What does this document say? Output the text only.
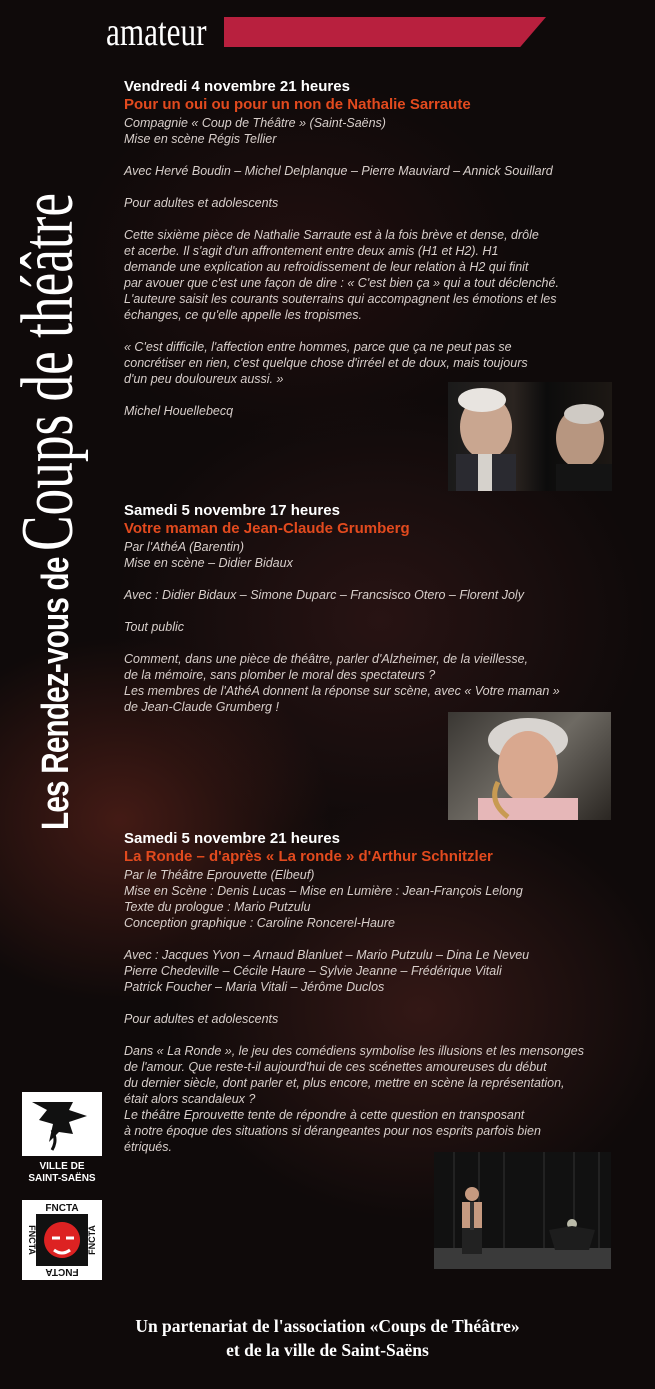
Les Rendez-vous de
Coups de théâtre
amateur
Vendredi 4 novembre 21 heures
Pour un oui ou pour un non de Nathalie Sarraute
Compagnie « Coup de Théâtre » (Saint-Saëns)
Mise en scène Régis Tellier
Avec Hervé Boudin – Michel Delplanque – Pierre Mauviard – Annick Souillard
Pour adultes et adolescents
Cette sixième pièce de Nathalie Sarraute est à la fois brève et dense, drôle
et acerbe. Il s'agit d'un affrontement entre deux amis (H1 et H2). H1
demande une explication au refroidissement de leur relation à H2 qui finit
par avouer que c'est une façon de dire : « C'est bien ça » qui a tout déclenché.
L'auteure saisit les courants souterrains qui accompagnent les émotions et les
échanges, ce qu'elle appelle les tropismes.
« C'est difficile, l'affection entre hommes, parce que ça ne peut pas se
concrétiser en rien, c'est quelque chose d'irréel et de doux, mais toujours
d'un peu douloureux aussi. »
Michel Houellebecq
Samedi 5 novembre 17 heures
Votre maman de Jean-Claude Grumberg
Par l'AthéA (Barentin)
Mise en scène – Didier Bidaux
Avec : Didier Bidaux – Simone Duparc – Francsisco Otero – Florent Joly
Tout public
Comment, dans une pièce de théâtre, parler d'Alzheimer, de la vieillesse,
de la mémoire, sans plomber le moral des spectateurs ?
Les membres de l'AthéA donnent la réponse sur scène, avec « Votre maman »
de Jean-Claude Grumberg !
Samedi 5 novembre 21 heures
La Ronde – d'après « La ronde » d'Arthur Schnitzler
Par le Théâtre Eprouvette (Elbeuf)
Mise en Scène : Denis Lucas – Mise en Lumière : Jean-François Lelong
Texte du prologue : Mario Putzulu
Conception graphique : Caroline Roncerel-Haure
Avec : Jacques Yvon – Arnaud Blanluet – Mario Putzulu – Dina Le Neveu
Pierre Chedeville – Cécile Haure – Sylvie Jeanne – Frédérique Vitali
Patrick Foucher – Maria Vitali – Jérôme Duclos
Pour adultes et adolescents
Dans « La Ronde », le jeu des comédiens symbolise les illusions et les mensonges
de l'amour. Que reste-t-il aujourd'hui de ces scénettes amoureuses du début
du dernier siècle, dont parler et, plus encore, mettre en scène la représentation,
était alors scandaleux ?
Le théâtre Eprouvette tente de répondre à cette question en transposant
à notre époque des situations si dérangeantes pour nos esprits parfois bien
étriqués.
VILLE DE
SAINT-SAËNS
FNCTA
FNCTA
FNCTA	FNCTA
Un partenariat de l'association «Coups de Théâtre»
et de la ville de Saint-Saëns
